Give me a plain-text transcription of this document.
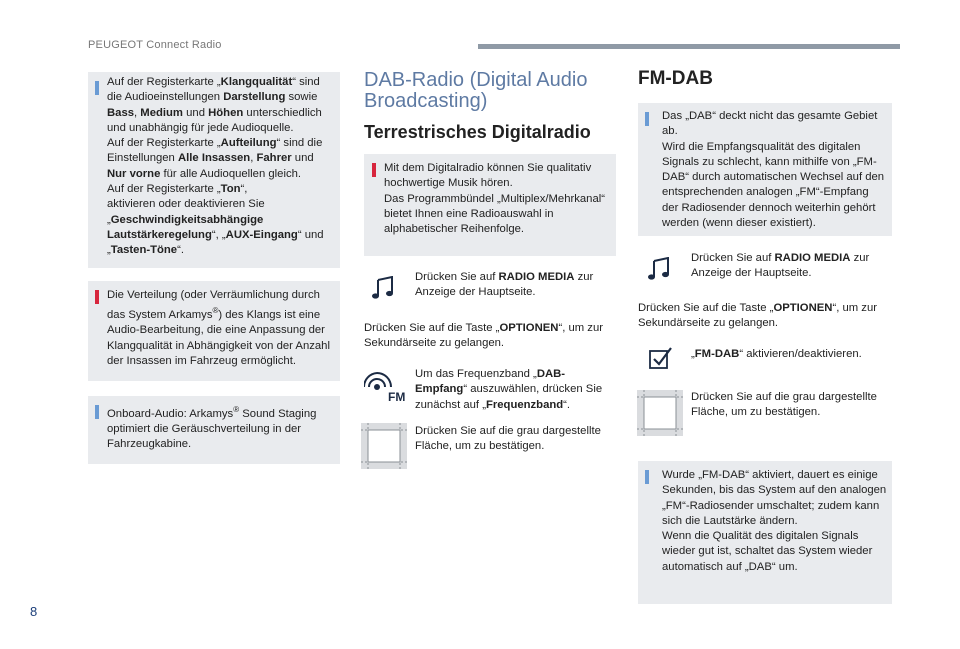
PEUGEOT Connect Radio
Auf der Registerkarte „Klangqualität“ sind
die Audioeinstellungen Darstellung sowie
Bass, Medium und Höhen unterschiedlich
und unabhängig für jede Audioquelle.
Auf der Registerkarte „Aufteilung“ sind die
Einstellungen Alle Insassen, Fahrer und
Nur vorne für alle Audioquellen gleich.
Auf der Registerkarte „Ton“,
aktivieren oder deaktivieren Sie
„Geschwindigkeitsabhängige
Lautstärkeregelung“, „AUX-Eingang“ und
„Tasten-Töne“.
Die Verteilung (oder Verräumlichung durch
das System Arkamys®) des Klangs ist eine
Audio-Bearbeitung, die eine Anpassung der
Klangqualität in Abhängigkeit von der Anzahl
der Insassen im Fahrzeug ermöglicht.
Onboard-Audio: Arkamys® Sound Staging
optimiert die Geräuschverteilung in der
Fahrzeugkabine.
DAB-Radio (Digital Audio
Broadcasting)
Terrestrisches Digitalradio
Mit dem Digitalradio können Sie qualitativ
hochwertige Musik hören.
Das Programmbündel „Multiplex/Mehrkanal“
bietet Ihnen eine Radioauswahl in
alphabetischer Reihenfolge.
Drücken Sie auf RADIO MEDIA zur
Anzeige der Hauptseite.
Drücken Sie auf die Taste „OPTIONEN“, um zur
Sekundärseite zu gelangen.
FM
Um das Frequenzband „DAB-
Empfang“ auszuwählen, drücken Sie
zunächst auf „Frequenzband“.
Drücken Sie auf die grau dargestellte
Fläche, um zu bestätigen.
FM-DAB
Das „DAB“ deckt nicht das gesamte Gebiet
ab.
Wird die Empfangsqualität des digitalen
Signals zu schlecht, kann mithilfe von „FM-
DAB“ durch automatischen Wechsel auf den
entsprechenden analogen „FM“-Empfang
der Radiosender dennoch weiterhin gehört
werden (wenn dieser existiert).
Drücken Sie auf RADIO MEDIA zur
Anzeige der Hauptseite.
Drücken Sie auf die Taste „OPTIONEN“, um zur
Sekundärseite zu gelangen.
„FM-DAB“ aktivieren/deaktivieren.
Drücken Sie auf die grau dargestellte
Fläche, um zu bestätigen.
Wurde „FM-DAB“ aktiviert, dauert es einige
Sekunden, bis das System auf den analogen
„FM“-Radiosender umschaltet; zudem kann
sich die Lautstärke ändern.
Wenn die Qualität des digitalen Signals
wieder gut ist, schaltet das System wieder
automatisch auf „DAB“ um.
8
